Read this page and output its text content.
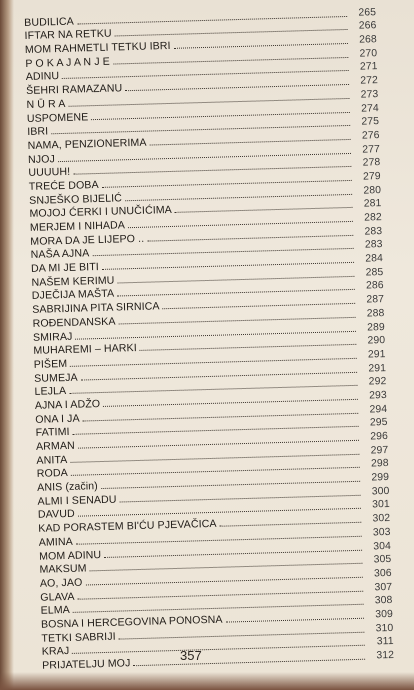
BUDILICA
265
IFTAR NA RETKU
266
MOM RAHMETLI TETKU IBRI
268
P O K A J A N J E
270
ADINU
271
ŠEHRI RAMAZANU
272
N Ū R A
273
USPOMENE
274
IBRI
275
NAMA, PENZIONERIMA
276
NJOJ
277
UUUUH!
278
TREĆE DOBA
279
SNJEŠKO BIJELIĆ
280
MOJOJ ĆERKI I UNUČIĆIMA
281
MERJEM I NIHADA
282
MORA DA JE LIJEPO ..
283
NAŠA AJNA
283
DA MI JE BITI
284
NAŠEM KERIMU
285
DJEČIJA MAŠTA
286
SABRIJINA PITA SIRNICA
287
ROĐENDANSKA
288
SMIRAJ
289
MUHAREMI – HARKI
290
PIŠEM
291
SUMEJA
291
LEJLA
292
AJNA I ADŽO
293
ONA I JA
294
FATIMI
295
ARMAN
296
ANITA
297
RODA
298
ANIS (začin)
299
ALMI I SENADU
300
DAVUD
301
KAD PORASTEM BI'ĆU PJEVAČICA	302
AMINA
303
MOM ADINU
304
MAKSUM
305
AO, JAO
306
GLAVA
307
ELMA
308
BOSNA I HERCEGOVINA PONOSNA	309
TETKI SABRIJI
310
KRAJ
311
PRIJATELJU MOJ
312
357
